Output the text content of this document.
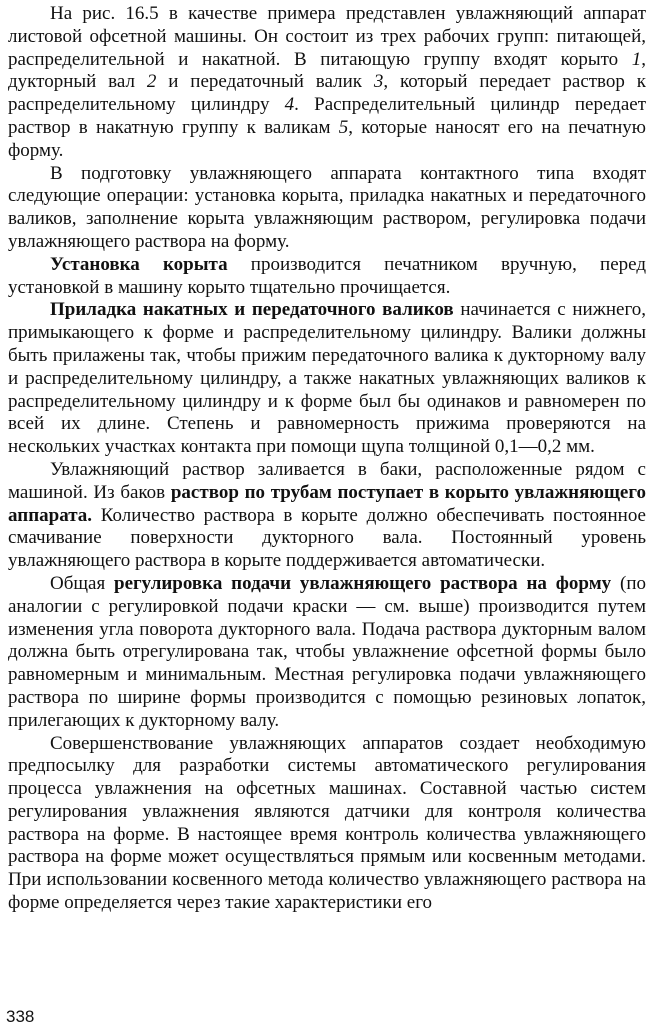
На рис. 16.5 в качестве примера представлен увлажняющий аппарат листовой офсетной машины. Он состоит из трех рабочих групп: питающей, распределительной и накатной. В питающую группу входят корыто 1, дукторный вал 2 и передаточный валик 3, который передает раствор к распределительному цилиндру 4. Распределительный цилиндр передает раствор в накатную группу к валикам 5, которые наносят его на печатную форму.

В подготовку увлажняющего аппарата контактного типа входят следующие операции: установка корыта, приладка накатных и передаточного валиков, заполнение корыта увлажняющим раствором, регулировка подачи увлажняющего раствора на форму.

Установка корыта производится печатником вручную, перед установкой в машину корыто тщательно прочищается.

Приладка накатных и передаточного валиков начинается с нижнего, примыкающего к форме и распределительному цилиндру. Валики должны быть прилажены так, чтобы прижим передаточного валика к дукторному валу и распределительному цилиндру, а также накатных увлажняющих валиков к распределительному цилиндру и к форме был бы одинаков и равномерен по всей их длине. Степень и равномерность прижима проверяются на нескольких участках контакта при помощи щупа толщиной 0,1—0,2 мм.

Увлажняющий раствор заливается в баки, расположенные рядом с машиной. Из баков раствор по трубам поступает в корыто увлажняющего аппарата. Количество раствора в корыте должно обеспечивать постоянное смачивание поверхности дукторного вала. Постоянный уровень увлажняющего раствора в корыте поддерживается автоматически.

Общая регулировка подачи увлажняющего раствора на форму (по аналогии с регулировкой подачи краски — см. выше) производится путем изменения угла поворота дукторного вала. Подача раствора дукторным валом должна быть отрегулирована так, чтобы увлажнение офсетной формы было равномерным и минимальным. Местная регулировка подачи увлажняющего раствора по ширине формы производится с помощью резиновых лопаток, прилегающих к дукторному валу.

Совершенствование увлажняющих аппаратов создает необходимую предпосылку для разработки системы автоматического регулирования процесса увлажнения на офсетных машинах. Составной частью систем регулирования увлажнения являются датчики для контроля количества раствора на форме. В настоящее время контроль количества увлажняющего раствора на форме может осуществляться прямым или косвенным методами. При использовании косвенного метода количество увлажняющего раствора на форме определяется через такие характеристики его

338
